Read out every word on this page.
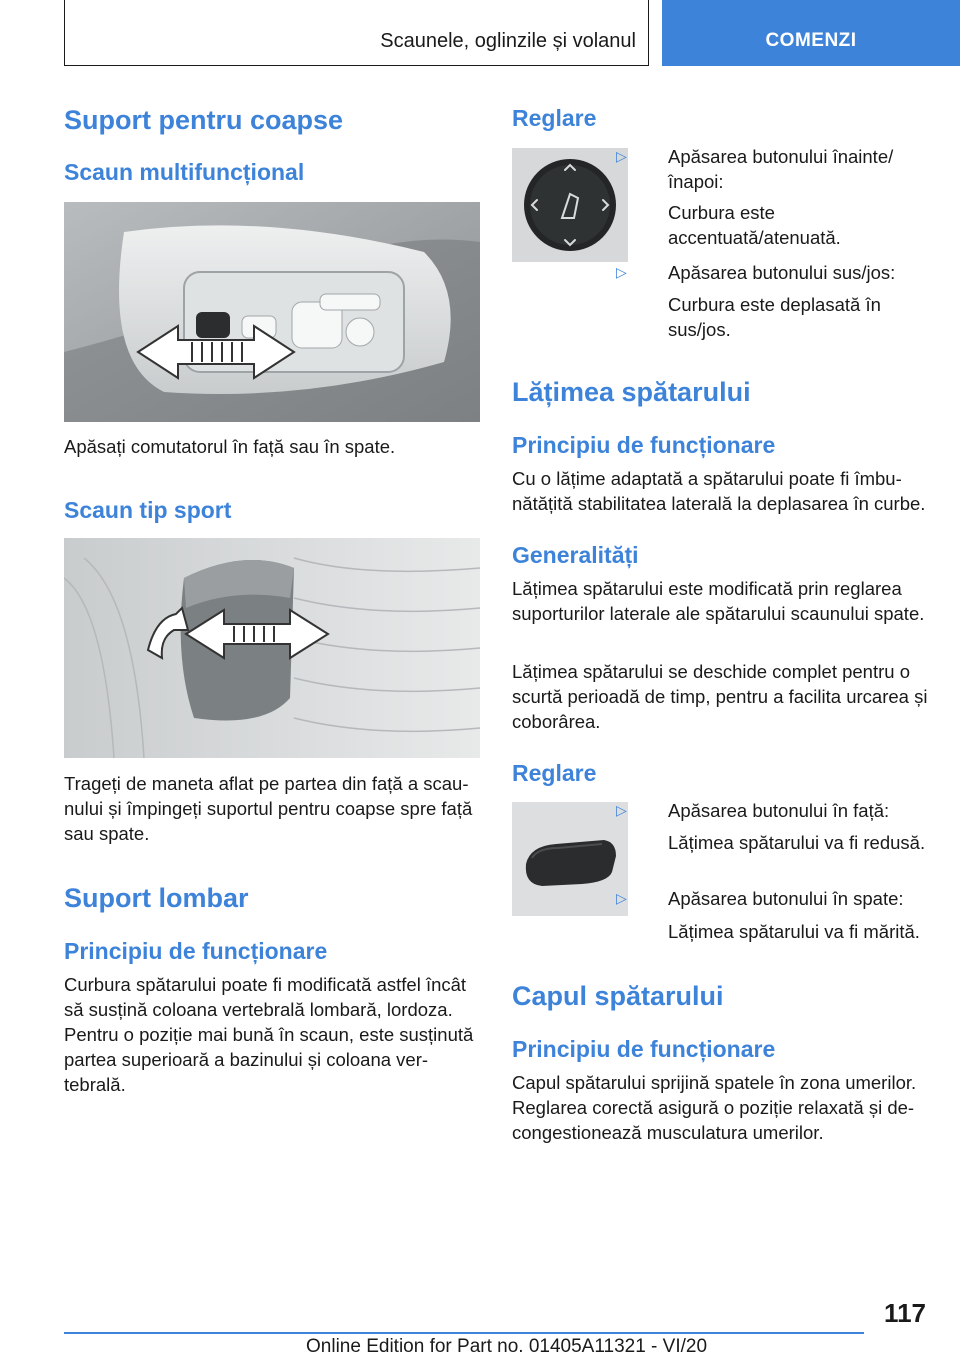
Scaunele, oglinzile și volanul	COMENZI
Suport pentru coapse
Scaun multifuncțional

Apăsați comutatorul în față sau în spate.

Scaun tip sport

Trageți de maneta aflat pe partea din față a scaunului și împingeți suportul pentru coapse spre față sau spate.

Suport lombar
Principiu de funcționare

Curbura spătarului poate fi modificată astfel încât să susțină coloana vertebrală lombară, lordoza. Pentru o poziție mai bună în scaun, este susținută partea superioară a bazinului și coloana vertebrală.

Reglare
▷ Apăsarea butonului înainte/înapoi:
Curbura este accentuată/atenuată.
▷ Apăsarea butonului sus/jos:
Curbura este deplasată în sus/jos.
Lățimea spătarului
Principiu de funcționare

Cu o lățime adaptată a spătarului poate fi îmbunătățită stabilitatea laterală la deplasarea în curbe.

Generalități

Lățimea spătarului este modificată prin reglarea suporturilor laterale ale spătarului scaunului spate.

Lățimea spătarului se deschide complet pentru o scurtă perioadă de timp, pentru a facilita urcarea și coborârea.

Reglare
▷ Apăsarea butonului în față:
Lățimea spătarului va fi redusă.
▷ Apăsarea butonului în spate:
Lățimea spătarului va fi mărită.
Capul spătarului
Principiu de funcționare

Capul spătarului sprijină spatele în zona umerilor. Reglarea corectă asigură o poziție relaxată și decongestionează musculatura umerilor.

117
Online Edition for Part no. 01405A11321 - VI/20
